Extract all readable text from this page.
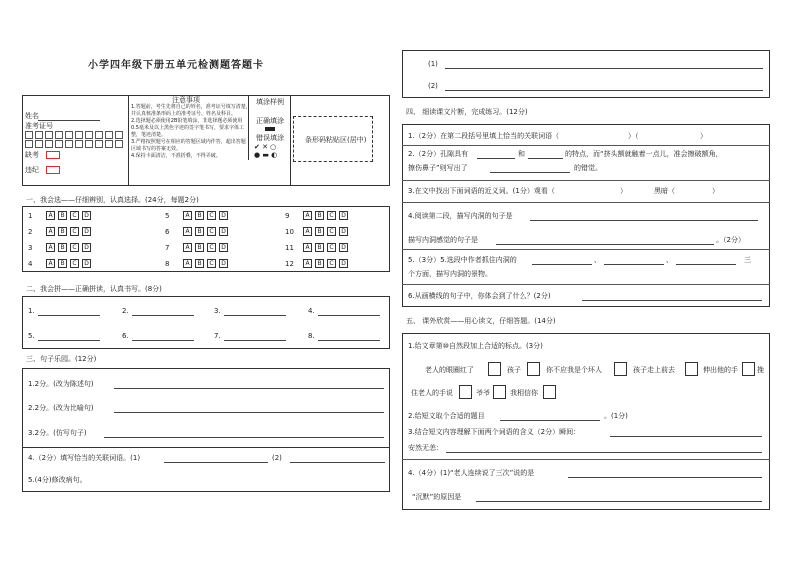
小学四年级下册五单元检测题答题卡
姓名
准考证号
缺考
违纪
注意事项
1.答题前，考生先将自己的姓名，准考证号填写清楚，
并认真核准条形码上的准考证号、姓名及科目。
2.选择题必须使用2B铅笔填涂，非选择题必须使用
0.5毫米及以上黑色字迹的签字笔书写，要求字体工
整，笔迹清楚。
3.严格按照题号在相应的答题区域内作答，超出答题
区域书写的答案无效。
4.保持卡面清洁，不准折叠，不得弄破。
填涂样例
正确填涂
错误填涂
✔ ✕ ○
● ▬ ◐
条形码粘贴区(居中)
一、我会选——仔细辨别，认真选择。(24分，每题2分)
1	A	B	C	D
2	A	B	C	D
3	A	B	C	D
4	A	B	C	D
5	A	B	C	D
6	A	B	C	D
7	A	B	C	D
8	A	B	C	D
9	A	B	C	D
10	A	B	C	D
11	A	B	C	D
12	A	B	C	D
二、我会拼——正确拼读，认真书写。(8分)
1.	2.	3.	4.
5.	6.	7.	8.
三、句子乐园。(12分)
1.2分。(改为陈述句)
2.2分。(改为比喻句)
3.2分。(仿写句子)
4.（2分）填写恰当的关联词语。(1)	(2)
5.(4分)修改病句。
(1)
(2)
四、 细读课文片断，完成练习。(12分)
1.（2分）在第二段括号里填上恰当的关联词语（	）（	）
2.（2分）孔隙具有	和	的特点，而“挤头额就触着一点儿，准会擦破额角，
擦伤鼻子”则写出了	的错觉。
3.在文中找出下面词语的近义词。(1分）观看（	）	黑暗（	）
4.阅读第二段，描写内洞的句子是
描写内洞感觉的句子是	。（2分）
5.（3分）5.选段中作者抓住内洞的	、	、	三
个方面，描写内洞的景物。
6.从画横线的句子中，你体会到了什么？(2分)
五、 课外欣赏——用心读文，仔细答题。(14分)
1.给文章第⑩自然段加上合适的标点。(3分)
老人的眼圈红了	孩子	你不应我是个坏人	孩子走上前去	伸出他的手	挽
住老人的手说	爷爷	我相信你
2.给短文取个合适的题目	。(1分)
3.结合短文内容理解下面两个词语的含义（2分）瞬间：
安然无恙：
4.（4分）(1)“老人连续说了三次”说的是
“沉默”的原因是
